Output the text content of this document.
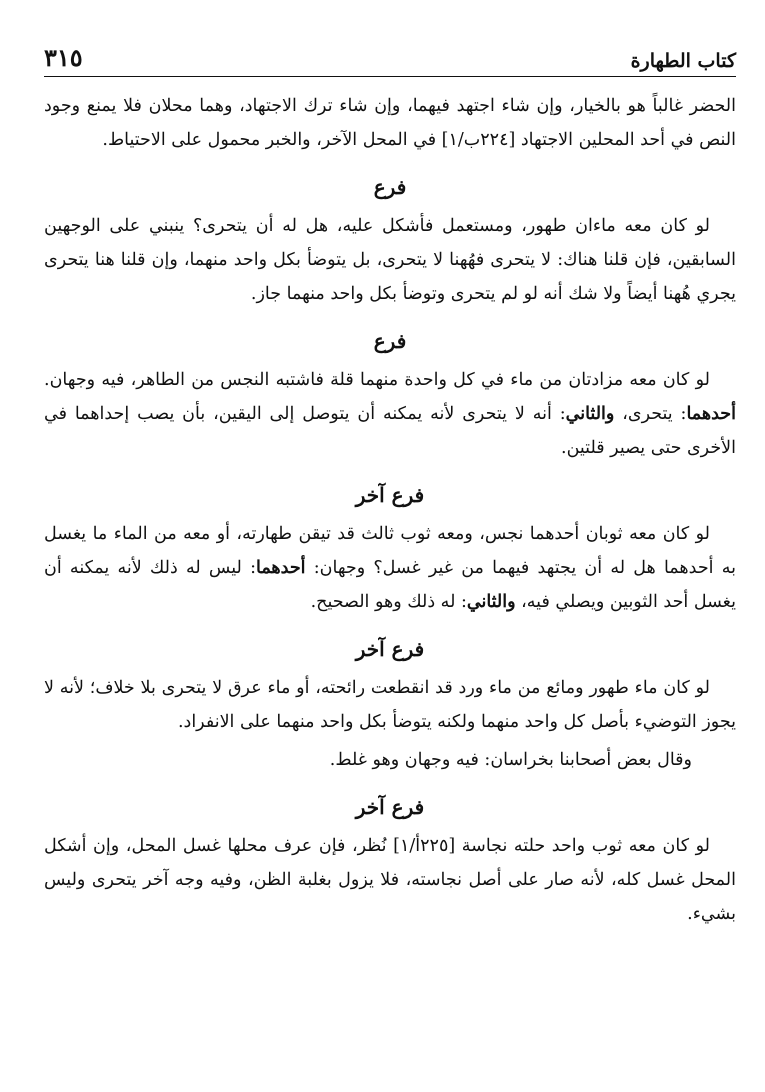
كتاب الطهارة
٣١٥

الحضر غالباً هو بالخيار، وإن شاء اجتهد فيهما، وإن شاء ترك الاجتهاد، وهما محلان فلا يمنع وجود النص في أحد المحلين الاجتهاد [٢٢٤ب/١] في المحل الآخر، والخبر محمول على الاحتياط.

فرع

لو كان معه ماءان طهور، ومستعمل فأشكل عليه، هل له أن يتحرى؟ ينبني على الوجهين السابقين، فإن قلنا هناك: لا يتحرى فهُهنا لا يتحرى، بل يتوضأ بكل واحد منهما، وإن قلنا هنا يتحرى يجري هُهنا أيضاً ولا شك أنه لو لم يتحرى وتوضأ بكل واحد منهما جاز.

فرع

لو كان معه مزادتان من ماء في كل واحدة منهما قلة فاشتبه النجس من الطاهر، فيه وجهان. أحدهما: يتحرى، والثاني: أنه لا يتحرى لأنه يمكنه أن يتوصل إلى اليقين، بأن يصب إحداهما في الأخرى حتى يصير قلتين.

فرع آخر

لو كان معه ثوبان أحدهما نجس، ومعه ثوب ثالث قد تيقن طهارته، أو معه من الماء ما يغسل به أحدهما هل له أن يجتهد فيهما من غير غسل؟ وجهان: أحدهما: ليس له ذلك لأنه يمكنه أن يغسل أحد الثوبين ويصلي فيه، والثاني: له ذلك وهو الصحيح.

فرع آخر

لو كان ماء طهور ومائع من ماء ورد قد انقطعت رائحته، أو ماء عرق لا يتحرى بلا خلاف؛ لأنه لا يجوز التوضيء بأصل كل واحد منهما ولكنه يتوضأ بكل واحد منهما على الانفراد.

وقال بعض أصحابنا بخراسان: فيه وجهان وهو غلط.

فرع آخر

لو كان معه ثوب واحد حلته نجاسة [٢٢٥أ/١] نُظر، فإن عرف محلها غسل المحل، وإن أشكل المحل غسل كله، لأنه صار على أصل نجاسته، فلا يزول بغلبة الظن، وفيه وجه آخر يتحرى وليس بشيء.
